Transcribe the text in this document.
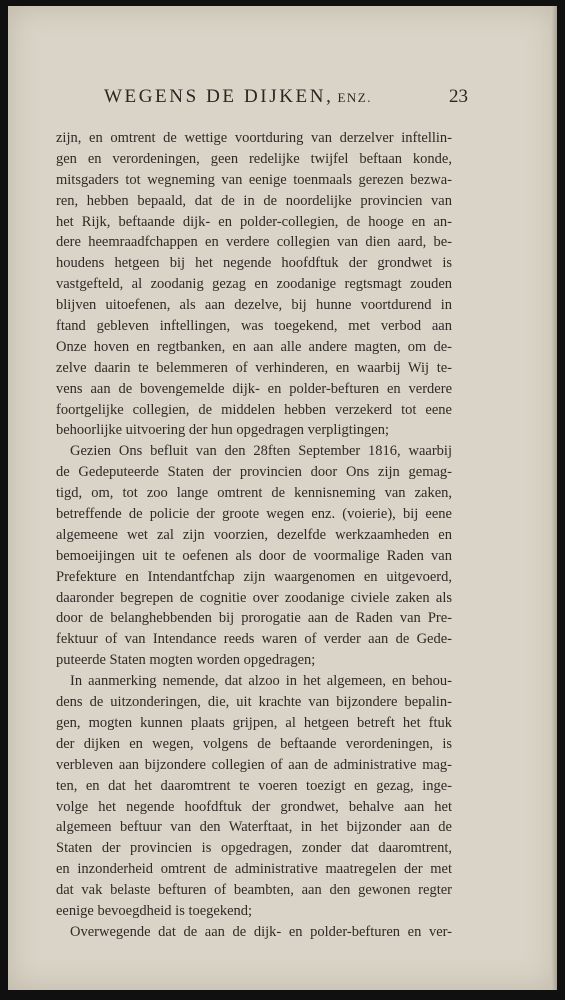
WEGENS DE DIJKEN, ENZ.	23
zijn, en omtrent de wettige voortduring van derzelver inftellin-
gen en verordeningen, geen redelijke twijfel beftaan konde,
mitsgaders tot wegneming van eenige toenmaals gerezen bezwa-
ren, hebben bepaald, dat de in de noordelijke provincien van
het Rijk, beftaande dijk- en polder-collegien, de hooge en an-
dere heemraadfchappen en verdere collegien van dien aard, be-
houdens hetgeen bij het negende hoofdftuk der grondwet is
vastgefteld, al zoodanig gezag en zoodanige regtsmagt zouden
blijven uitoefenen, als aan dezelve, bij hunne voortdurend in
ftand gebleven inftellingen, was toegekend, met verbod aan
Onze hoven en regtbanken, en aan alle andere magten, om de-
zelve daarin te belemmeren of verhinderen, en waarbij Wij te-
vens aan de bovengemelde dijk- en polder-befturen en verdere
foortgelijke collegien, de middelen hebben verzekerd tot eene
behoorlijke uitvoering der hun opgedragen verpligtingen;
Gezien Ons befluit van den 28ften September 1816, waarbij
de Gedeputeerde Staten der provincien door Ons zijn gemag-
tigd, om, tot zoo lange omtrent de kennisneming van zaken,
betreffende de policie der groote wegen enz. (voierie), bij eene
algemeene wet zal zijn voorzien, dezelfde werkzaamheden en
bemoeijingen uit te oefenen als door de voormalige Raden van
Prefekture en Intendantfchap zijn waargenomen en uitgevoerd,
daaronder begrepen de cognitie over zoodanige civiele zaken als
door de belanghebbenden bij prorogatie aan de Raden van Pre-
fektuur of van Intendance reeds waren of verder aan de Gede-
puteerde Staten mogten worden opgedragen;
In aanmerking nemende, dat alzoo in het algemeen, en behou-
dens de uitzonderingen, die, uit krachte van bijzondere bepalin-
gen, mogten kunnen plaats grijpen, al hetgeen betreft het ftuk
der dijken en wegen, volgens de beftaande verordeningen, is
verbleven aan bijzondere collegien of aan de administrative mag-
ten, en dat het daaromtrent te voeren toezigt en gezag, inge-
volge het negende hoofdftuk der grondwet, behalve aan het
algemeen beftuur van den Waterftaat, in het bijzonder aan de
Staten der provincien is opgedragen, zonder dat daaromtrent,
en inzonderheid omtrent de administrative maatregelen der met
dat vak belaste befturen of beambten, aan den gewonen regter
eenige bevoegdheid is toegekend;
Overwegende dat de aan de dijk- en polder-befturen en ver-
